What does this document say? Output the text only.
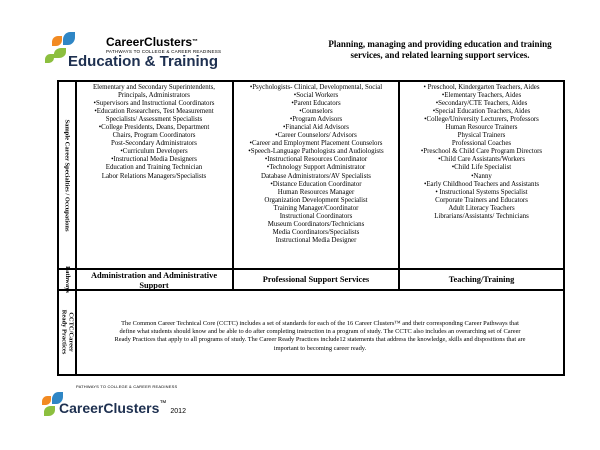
CareerClusters™
PATHWAYS TO COLLEGE & CAREER READINESS
Education & Training
Planning, managing and providing education and training
services, and related learning support services.
Sample Career Specialties / Occupations
Pathways
CCTC/Career
Ready Practices
Elementary and Secondary Superintendents,
Principals, Administrators
•Supervisors and Instructional Coordinators
•Education Researchers, Test Measurement
Specialists/ Assessment Specialists
•College Presidents, Deans, Department
Chairs, Program Coordinators
Post-Secondary Administrators
•Curriculum Developers
•Instructional Media Designers
Education and Training Technician
Labor Relations Managers/Specialists
•Psychologists- Clinical, Developmental, Social
•Social Workers
•Parent Educators
•Counselors
•Program Advisors
•Financial Aid Advisors
•Career Counselors/ Advisors
•Career and Employment Placement Counselors
•Speech-Language Pathologists and Audiologists
•Instructional Resources Coordinator
•Technology Support Administrator
Database Administrators/AV Specialists
•Distance Education Coordinator
Human Resources Manager
Organization Development Specialist
Training Manager/Coordinator
Instructional Coordinators
Museum Coordinators/Technicians
Media Coordinators/Specialists
Instructional Media Designer
• Preschool, Kindergarten Teachers, Aides
•Elementary Teachers, Aides
•Secondary/CTE Teachers, Aides
•Special Education Teachers, Aides
•College/University Lecturers, Professors
Human Resource Trainers
Physical Trainers
Professional Coaches
•Preschool & Child Care Program Directors
•Child Care Assistants/Workers
•Child Life Specialist
•Nanny
•Early Childhood Teachers and Assistants
• Instructional Systems Specialist
Corporate Trainers and Educators
Adult Literacy Teachers
Librarians/Assistants/ Technicians
Administration and Administrative
Support
Professional Support Services	Teaching/Training
The Common Career Technical Core (CCTC) includes a set of standards for each of the 16 Career Clusters™ and their corresponding Career Pathways that
define what students should know and be able to do after completing instruction in a program of study. The CCTC also includes an overarching set of Career
Ready Practices that apply to all programs of study. The Career Ready Practices include12 statements that address the knowledge, skills and dispositions that are
important to becoming career ready.
PATHWAYS TO COLLEGE & CAREER READINESS
CareerClusters™ 2012
